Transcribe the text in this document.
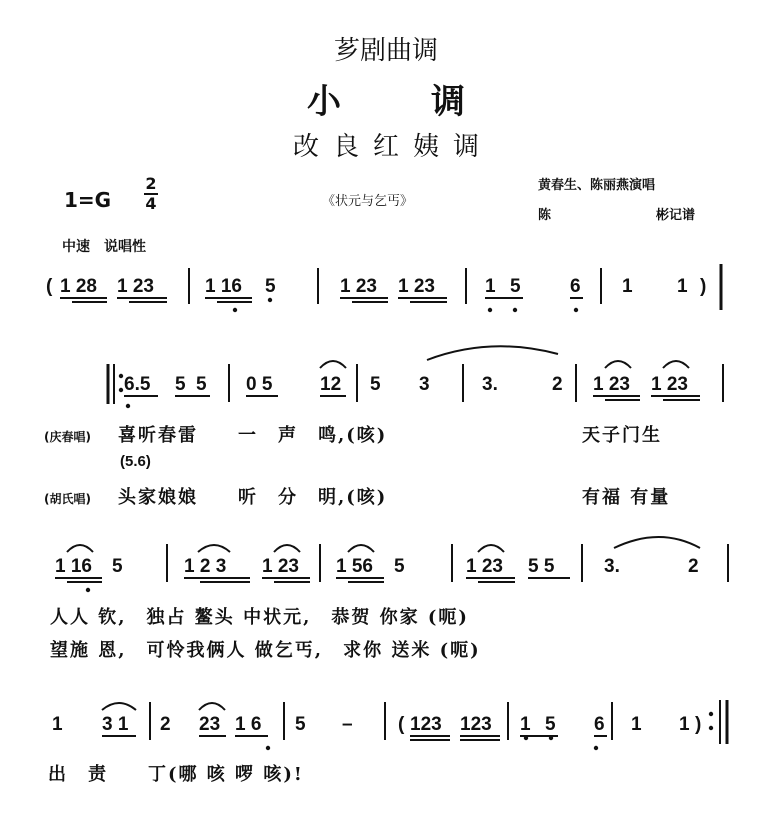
芗剧曲调
小调
改良红姨调
1=G
2
4	《状元与乞丐》
黄春生、陈丽燕演唱
陈	彬记谱
中速　说唱性
( 1 28 1 23	1 16 5	1 23 1 23	1 5	6 1 1 )
6.5 5 5 0 5	12 5 3	3.	2 1 23 1 23
(庆春唱) 喜听春雷　　一　声　鸣,(咳)	天子门生
(5.6)
(胡氏唱) 头家娘娘　　听　分　明,(咳)	有福 有量
1 16 5	1 2 3 1 23 1 56 5	1 23 5 5	3.	2
人人 钦,　独占 鳌头 中状元,　恭贺 你家 (呃)
望施 恩,　可怜我俩人 做乞丐,　求你 送米 (呃)
1 3 1 2 23 1 6 5 – ( 123 123 1 5 6 1 1 )
出　责　　丁(哪 咳 啰 咳)!
